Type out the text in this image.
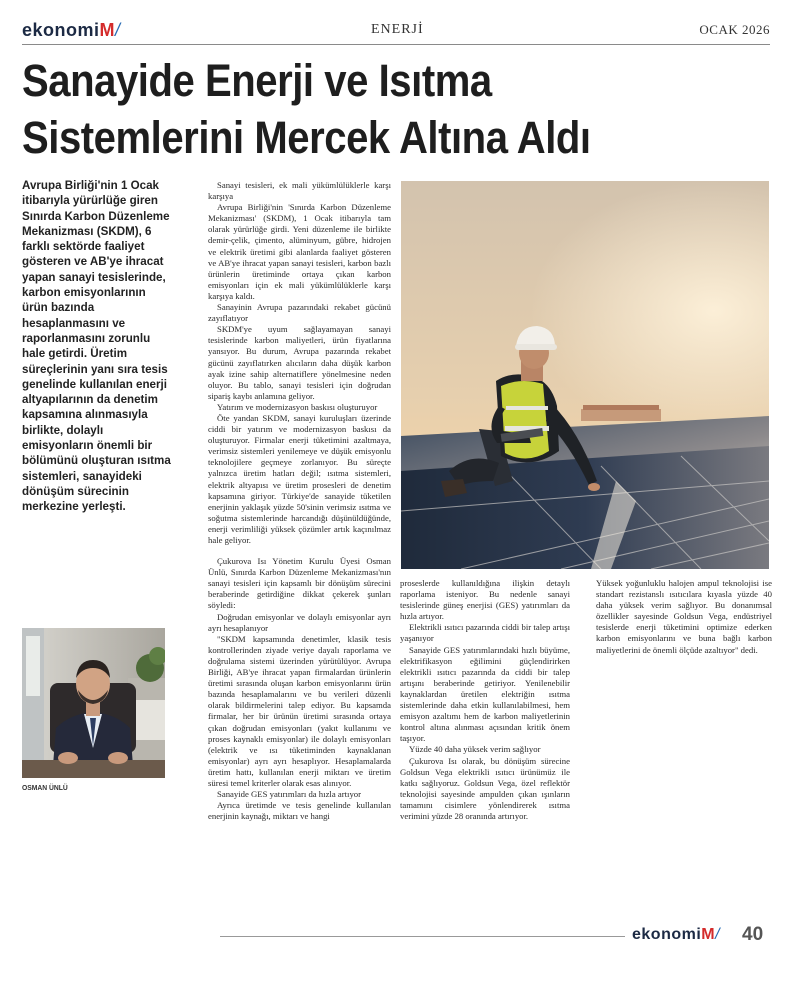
ekonomiM/	ENERJİ	OCAK 2026
Sanayide Enerji ve Isıtma Sistemlerini Mercek Altına Aldı
Avrupa Birliği'nin 1 Ocak itibarıyla yürürlüğe giren Sınırda Karbon Düzenleme Mekanizması (SKDM), 6 farklı sektörde faaliyet gösteren ve AB'ye ihracat yapan sanayi tesislerinde, karbon emisyonlarının ürün bazında hesaplanmasını ve raporlanmasını zorunlu hale getirdi. Üretim süreçlerinin yanı sıra tesis genelinde kullanılan enerji altyapılarının da denetim kapsamına alınmasıyla birlikte, dolaylı emisyonların önemli bir bölümünü oluşturan ısıtma sistemleri, sanayideki dönüşüm sürecinin merkezine yerleşti.
OSMAN ÜNLÜ

Sanayi tesisleri, ek mali yükümlülüklerle karşı karşıya

Avrupa Birliği'nin 'Sınırda Karbon Düzenleme Mekanizması' (SKDM), 1 Ocak itibarıyla tam olarak yürürlüğe girdi. Yeni düzenleme ile birlikte demir-çelik, çimento, alüminyum, gübre, hidrojen ve elektrik üretimi gibi alanlarda faaliyet gösteren ve AB'ye ihracat yapan sanayi tesisleri, karbon bazlı ürünlerin üretiminde ortaya çıkan karbon emisyonları için ek mali yükümlülüklerle karşı karşıya kaldı.

Sanayinin Avrupa pazarındaki rekabet gücünü zayıflatıyor

SKDM'ye uyum sağlayamayan sanayi tesislerinde karbon maliyetleri, ürün fiyatlarına yansıyor. Bu durum, Avrupa pazarında rekabet gücünü zayıflatırken alıcıların daha düşük karbon ayak izine sahip alternatiflere yönelmesine neden oluyor. Bu tablo, sanayi tesisleri için doğrudan sipariş kaybı anlamına geliyor.

Yatırım ve modernizasyon baskısı oluşturuyor

Öte yandan SKDM, sanayi kuruluşları üzerinde ciddi bir yatırım ve modernizasyon baskısı da oluşturuyor. Firmalar enerji tüketimini azaltmaya, verimsiz sistemleri yenilemeye ve düşük emisyonlu teknolojilere geçmeye zorlanıyor. Bu süreçte yalnızca üretim hatları değil; ısıtma sistemleri, elektrik altyapısı ve üretim prosesleri de denetim kapsamına giriyor. Türkiye'de sanayide tüketilen enerjinin yaklaşık yüzde 50'sinin verimsiz ısıtma ve soğutma sistemlerinde harcandığı düşünüldüğünde, enerji verimliliği yüksek çözümler artık kaçınılmaz hale geliyor.

Çukurova Isı Yönetim Kurulu Üyesi Osman Ünlü, Sınırda Karbon Düzenleme Mekanizması'nın sanayi tesisleri için kapsamlı bir dönüşüm sürecini beraberinde getirdiğine dikkat çekerek şunları söyledi:

Doğrudan emisyonlar ve dolaylı emisyonlar ayrı ayrı hesaplanıyor

"SKDM kapsamında denetimler, klasik tesis kontrollerinden ziyade veriye dayalı raporlama ve doğrulama sistemi üzerinden yürütülüyor. Avrupa Birliği, AB'ye ihracat yapan firmalardan ürünlerin üretimi sırasında oluşan karbon emisyonlarını ürün bazında hesaplamalarını ve bu verileri düzenli olarak bildirmelerini talep ediyor. Bu kapsamda firmalar, her bir ürünün üretimi sırasında ortaya çıkan doğrudan emisyonları (yakıt kullanımı ve proses kaynaklı emisyonlar) ile dolaylı emisyonları (elektrik ve ısı tüketiminden kaynaklanan emisyonlar) ayrı ayrı hesaplıyor. Hesaplamalarda üretim hattı, kullanılan enerji miktarı ve üretim süresi temel kriterler olarak esas alınıyor.

Sanayide GES yatırımları da hızla artıyor

Ayrıca üretimde ve tesis genelinde kullanılan enerjinin kaynağı, miktarı ve hangi

proseslerde kullanıldığına ilişkin detaylı raporlama isteniyor. Bu nedenle sanayi tesislerinde güneş enerjisi (GES) yatırımları da hızla artıyor.

Elektrikli ısıtıcı pazarında ciddi bir talep artışı yaşanıyor

Sanayide GES yatırımlarındaki hızlı büyüme, elektrifikasyon eğilimini güçlendirirken elektrikli ısıtıcı pazarında da ciddi bir talep artışını beraberinde getiriyor. Yenilenebilir kaynaklardan üretilen elektriğin ısıtma sistemlerinde daha etkin kullanılabilmesi, hem emisyon azaltımı hem de karbon maliyetlerinin kontrol altına alınması açısından kritik önem taşıyor.

Yüzde 40 daha yüksek verim sağlıyor

Çukurova Isı olarak, bu dönüşüm sürecine Goldsun Vega elektrikli ısıtıcı ürünümüz ile katkı sağlıyoruz. Goldsun Vega, özel reflektör teknolojisi sayesinde ampulden çıkan ışınların tamamını cisimlere yönlendirerek ısıtma verimini yüzde 28 oranında artırıyor.

Yüksek yoğunluklu halojen ampul teknolojisi ise standart rezistanslı ısıtıcılara kıyasla yüzde 40 daha yüksek verim sağlıyor. Bu donanımsal özellikler sayesinde Goldsun Vega, endüstriyel tesislerde enerji tüketimini optimize ederken karbon emisyonlarını ve buna bağlı karbon maliyetlerini de önemli ölçüde azaltıyor" dedi.

ekonomiM/ 40
